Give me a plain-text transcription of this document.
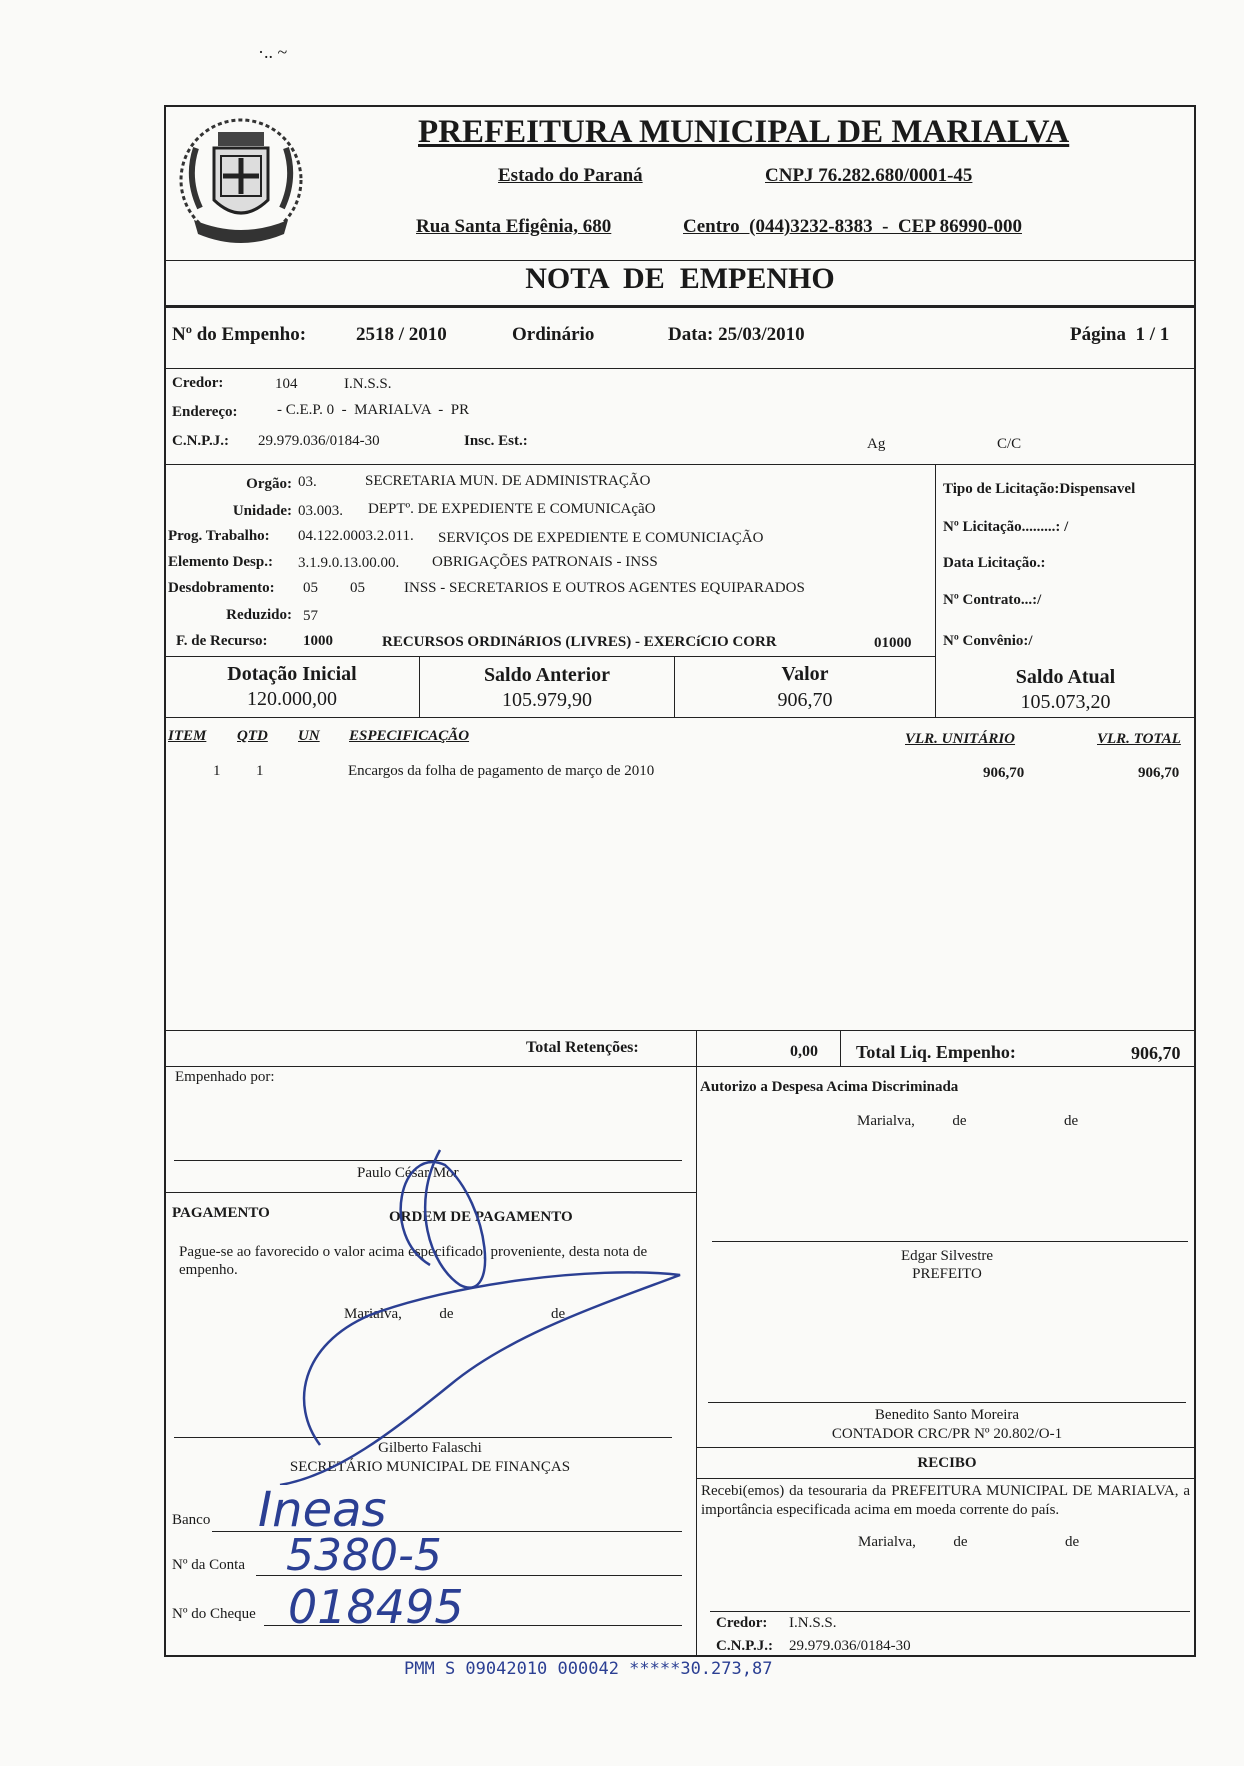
·.. ~
PREFEITURA MUNICIPAL DE MARIALVA
Estado do Paraná	CNPJ 76.282.680/0001-45
Rua Santa Efigênia, 680	Centro  (044)3232-8383  -  CEP 86990-000
NOTA  DE  EMPENHO
Nº do Empenho:	2518 / 2010	Ordinário	Data: 25/03/2010	Página  1 / 1
Credor:	104	I.N.S.S.
Endereço:	- C.E.P. 0  -  MARIALVA  -  PR
C.N.P.J.: 29.979.036/0184-30	Insc. Est.:	Ag	C/C
Orgão: 03.	SECRETARIA MUN. DE ADMINISTRAÇÃO
Unidade: 03.003. DEPTº. DE EXPEDIENTE E COMUNICAçãO
Prog. Trabalho: 04.122.0003.2.011. SERVIÇOS DE EXPEDIENTE E COMUNICIAÇÃO
Elemento Desp.: 3.1.9.0.13.00.00. OBRIGAÇÕES PATRONAIS - INSS
Desdobramento: 05 05	INSS - SECRETARIOS E OUTROS AGENTES EQUIPARADOS
Reduzido: 57
F. de Recurso: 1000	RECURSOS ORDINáRIOS (LIVRES) - EXERCíCIO CORR	01000
Tipo de Licitação:Dispensavel
Nº Licitação.........: /
Data Licitação.:
Nº Contrato...:/
Nº Convênio:/
Dotação Inicial
120.000,00
Saldo Anterior
105.979,90
Valor
906,70
Saldo Atual
105.073,20
ITEM QTD UN ESPECIFICAÇÃO	VLR. UNITÁRIO	VLR. TOTAL
1 1	Encargos da folha de pagamento de março de 2010	906,70	906,70
Total Retenções:	0,00 Total Liq. Empenho:	906,70
Empenhado por:
Paulo César Mor
PAGAMENTO	ORDEM DE PAGAMENTO
Pague-se ao favorecido o valor acima especificado, proveniente, desta nota de empenho.
Marialva,          de                          de
Gilberto Falaschi
SECRETÁRIO MUNICIPAL DE FINANÇAS
Banco
Nº da Conta
Nº do Cheque
Ineas
5380-5
018495
Autorizo a Despesa Acima Discriminada
Marialva,          de                          de
Edgar Silvestre
PREFEITO
Benedito Santo Moreira
CONTADOR CRC/PR Nº 20.802/O-1
RECIBO
Recebi(emos) da tesouraria da PREFEITURA MUNICIPAL DE MARIALVA, a importância especificada acima em moeda corrente do país.
Marialva,          de                          de
Credor: I.N.S.S.
C.N.P.J.: 29.979.036/0184-30
PMM S 09042010 000042 *****30.273,87
